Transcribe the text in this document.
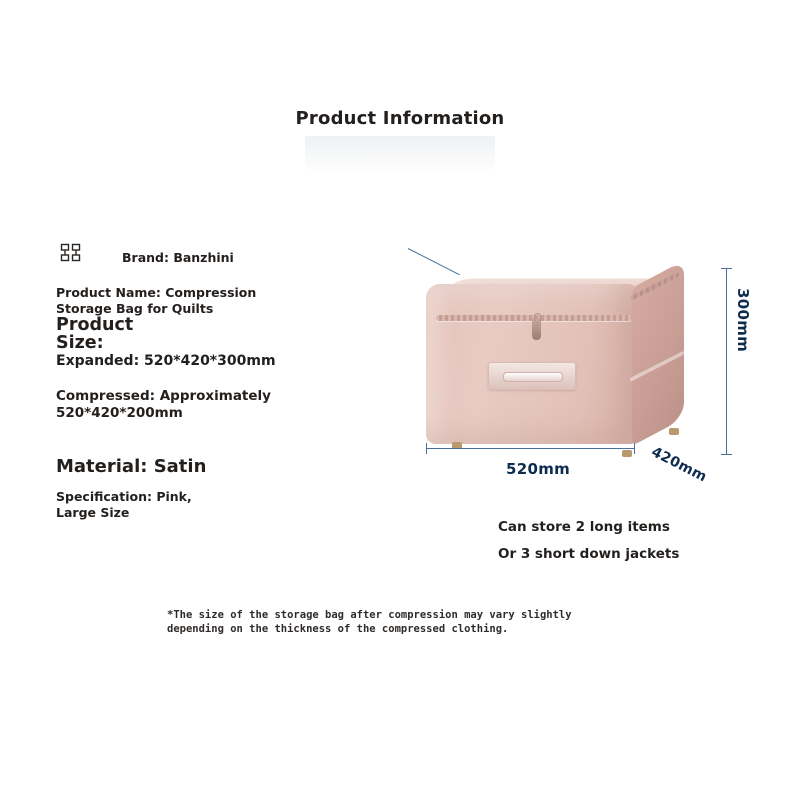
Product Information
Brand: Banzhini
Product Name: Compression Storage Bag for Quilts
Product Size:
Expanded: 520*420*300mm
Compressed: Approximately 520*420*200mm
Material: Satin
Specification: Pink, Large Size
300mm
520mm	420mm
Can store 2 long items
Or 3 short down jackets
*The size of the storage bag after compression may vary slightly
depending on the thickness of the compressed clothing.
